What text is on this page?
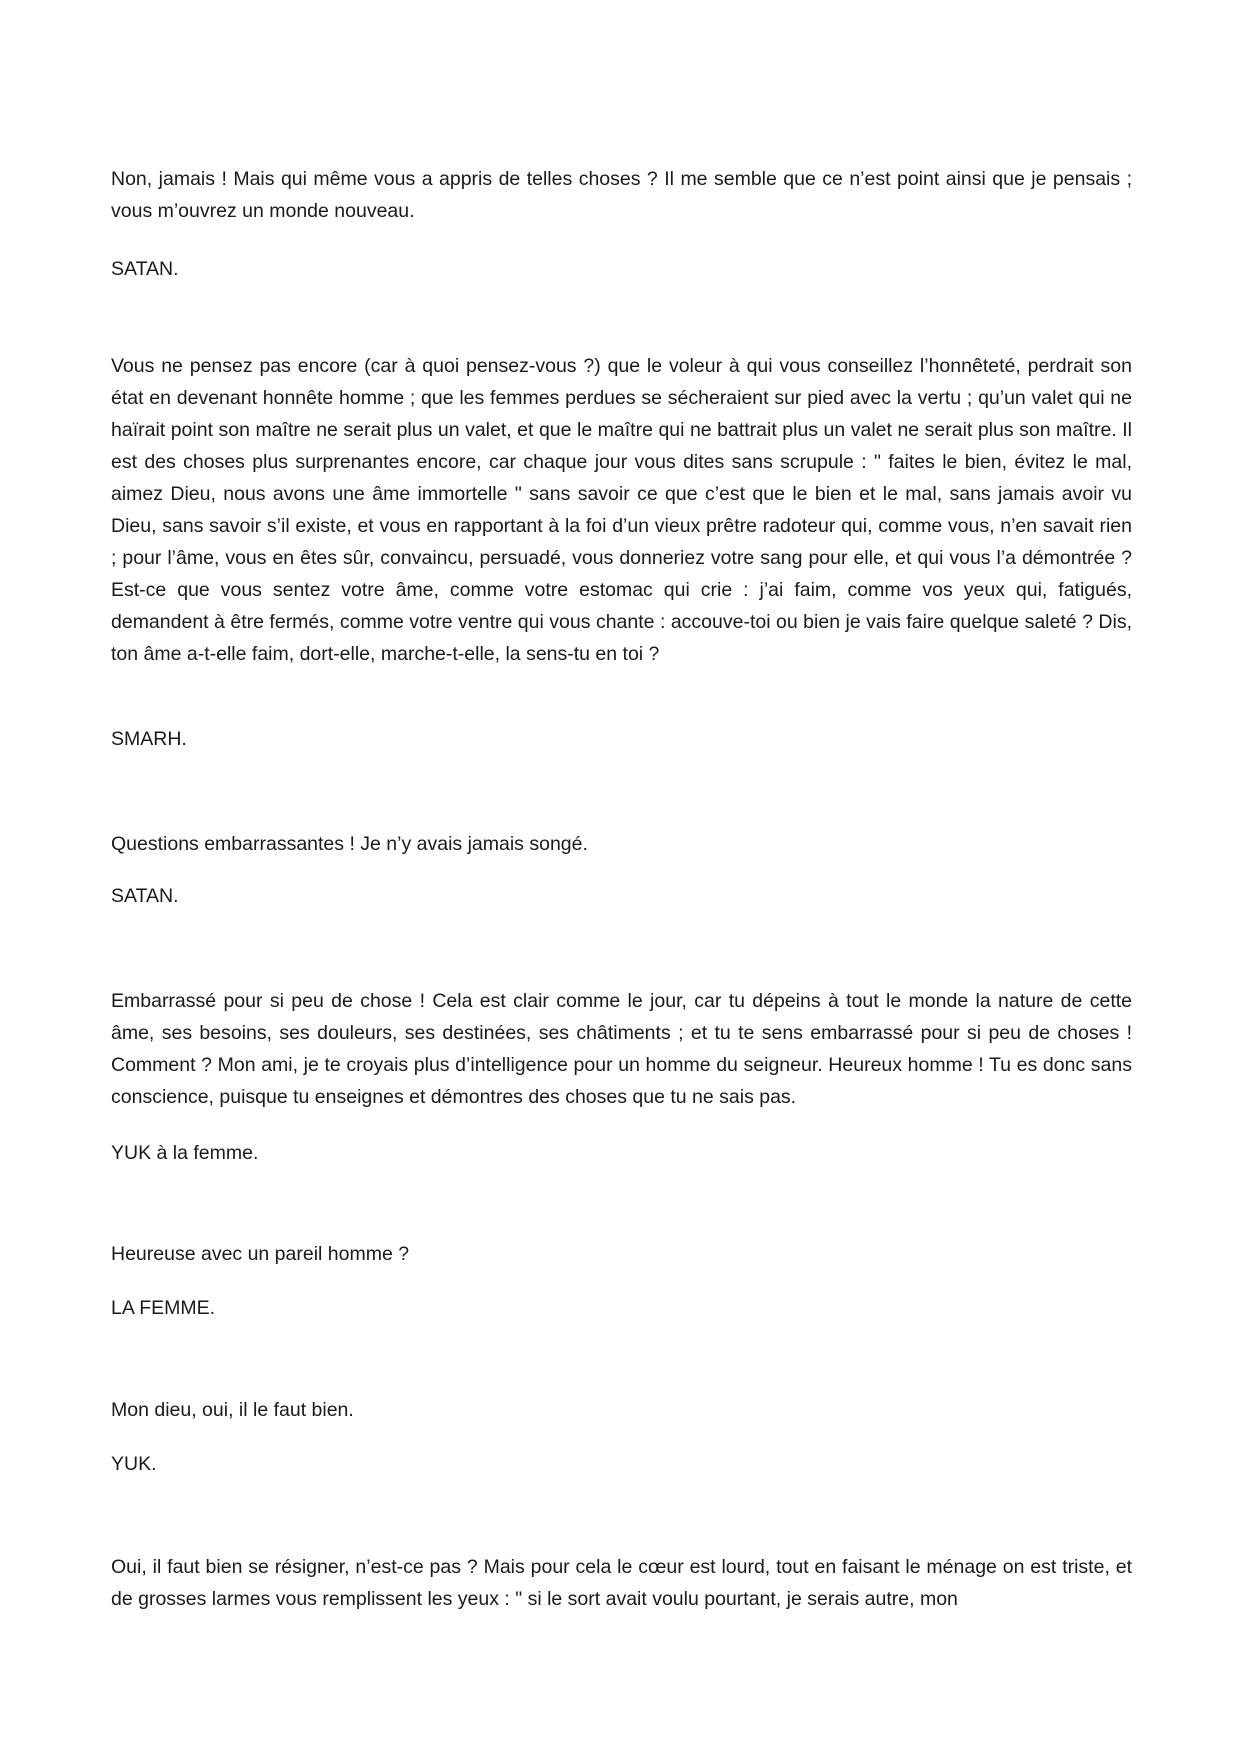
Non, jamais ! Mais qui même vous a appris de telles choses ? Il me semble que ce n’est point ainsi que je pensais ; vous m’ouvrez un monde nouveau.

SATAN.

Vous ne pensez pas encore (car à quoi pensez-vous ?) que le voleur à qui vous conseillez l’honnêteté, perdrait son état en devenant honnête homme ; que les femmes perdues se sécheraient sur pied avec la vertu ; qu’un valet qui ne haïrait point son maître ne serait plus un valet, et que le maître qui ne battrait plus un valet ne serait plus son maître. Il est des choses plus surprenantes encore, car chaque jour vous dites sans scrupule : " faites le bien, évitez le mal, aimez Dieu, nous avons une âme immortelle " sans savoir ce que c’est que le bien et le mal, sans jamais avoir vu Dieu, sans savoir s’il existe, et vous en rapportant à la foi d’un vieux prêtre radoteur qui, comme vous, n’en savait rien ; pour l’âme, vous en êtes sûr, convaincu, persuadé, vous donneriez votre sang pour elle, et qui vous l’a démontrée ? Est-ce que vous sentez votre âme, comme votre estomac qui crie : j’ai faim, comme vos yeux qui, fatigués, demandent à être fermés, comme votre ventre qui vous chante : accouve-toi ou bien je vais faire quelque saleté ? Dis, ton âme a-t-elle faim, dort-elle, marche-t-elle, la sens-tu en toi ?

SMARH.

Questions embarrassantes ! Je n’y avais jamais songé.

SATAN.

Embarrassé pour si peu de chose ! Cela est clair comme le jour, car tu dépeins à tout le monde la nature de cette âme, ses besoins, ses douleurs, ses destinées, ses châtiments ; et tu te sens embarrassé pour si peu de choses ! Comment ? Mon ami, je te croyais plus d’intelligence pour un homme du seigneur. Heureux homme ! Tu es donc sans conscience, puisque tu enseignes et démontres des choses que tu ne sais pas.

YUK à la femme.

Heureuse avec un pareil homme ?

LA FEMME.

Mon dieu, oui, il le faut bien.

YUK.

Oui, il faut bien se résigner, n’est-ce pas ? Mais pour cela le cœur est lourd, tout en faisant le ménage on est triste, et de grosses larmes vous remplissent les yeux : " si le sort avait voulu pourtant, je serais autre, mon
